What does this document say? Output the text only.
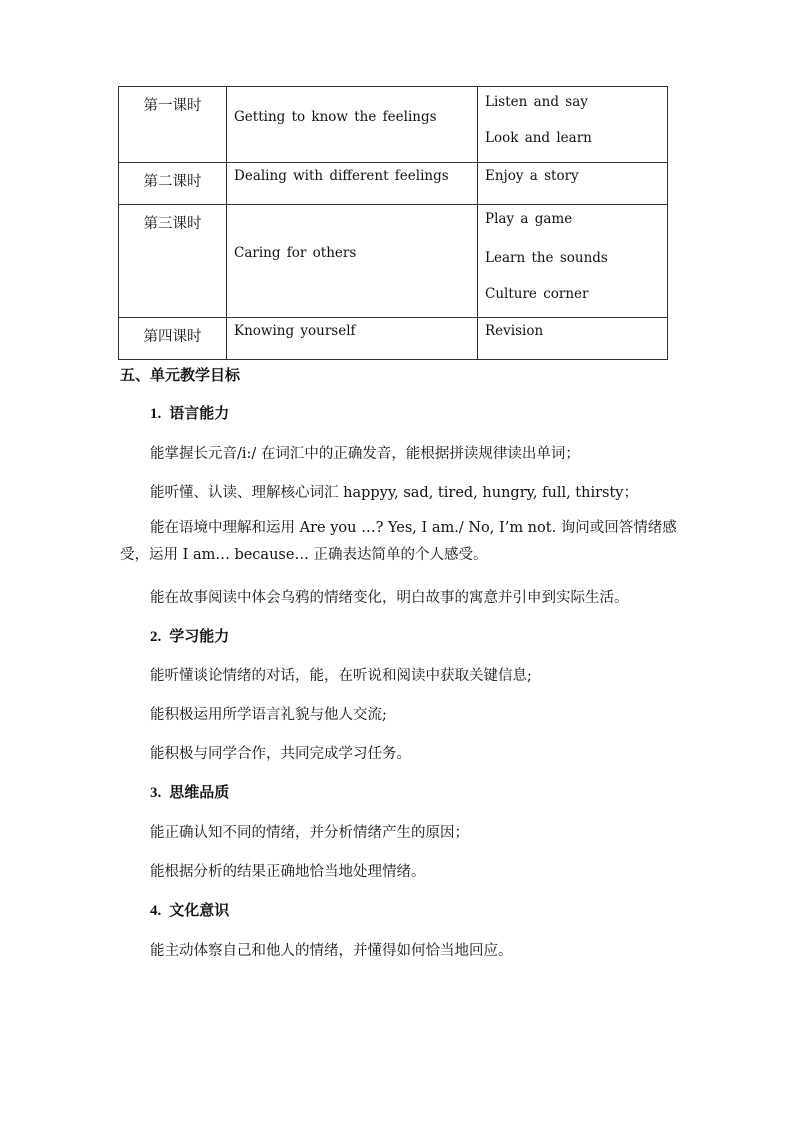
第一课时	Getting to know the feelings	Listen and say
Look and learn

第二课时	Dealing with different feelings	Enjoy a story

第三课时	Caring for others	Play a game
Learn the sounds
Culture corner

第四课时	Knowing yourself	Revision
五、单元教学目标
1. 语言能力
能掌握长元音/i:/ 在词汇中的正确发音，能根据拼读规律读出单词；
能听懂、认读、理解核心词汇 happyy, sad, tired, hungry, full, thirsty；
能在语境中理解和运用 Are you …? Yes, I am./ No, I’m not. 询问或回答情绪感受，运用 I am… because… 正确表达简单的个人感受。
能在故事阅读中体会乌鸦的情绪变化，明白故事的寓意并引申到实际生活。
2. 学习能力
能听懂谈论情绪的对话，能，在听说和阅读中获取关键信息;
能积极运用所学语言礼貌与他人交流;
能积极与同学合作，共同完成学习任务。
3. 思维品质
能正确认知不同的情绪，并分析情绪产生的原因；
能根据分析的结果正确地恰当地处理情绪。
4. 文化意识
能主动体察自己和他人的情绪，并懂得如何恰当地回应。
